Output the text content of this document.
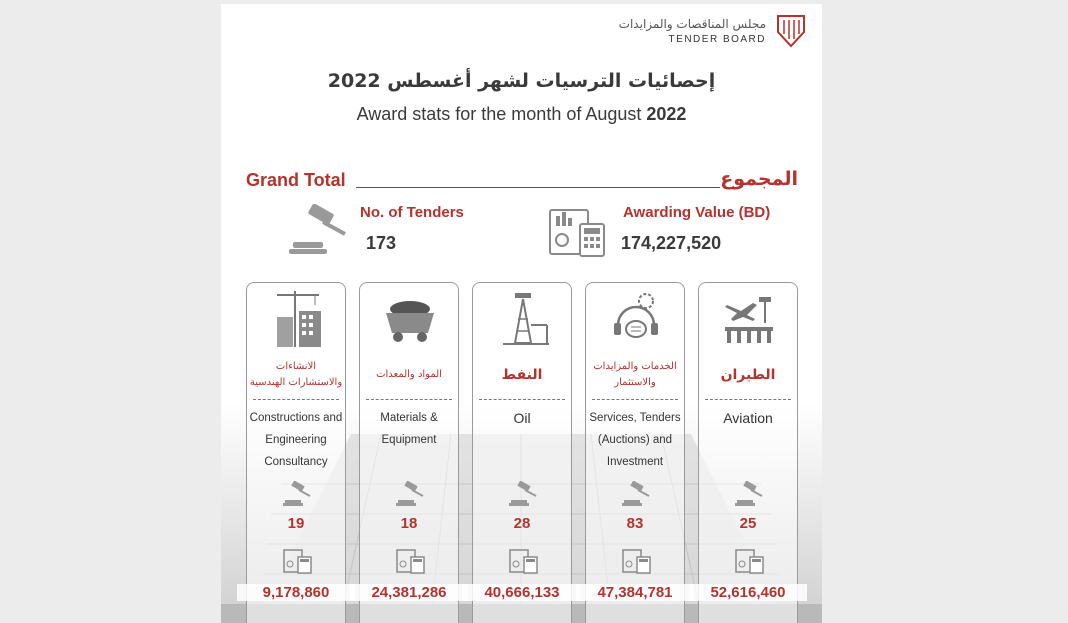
مجلس المناقصات والمزايدات
TENDER BOARD
إحصائيات الترسيات لشهر أغسطس 2022
Award stats for the month of August 2022
Grand Total	المجموع
No. of Tenders
173
Awarding Value (BD)
174,227,520
الانشاءات والاستشارات الهندسية
Constructions and Engineering Consultancy
19
9,178,860
المواد والمعدات
Materials & Equipment
18
24,381,286
النفط
Oil
28
40,666,133
الخدمات والمزايدات والاستثمار
Services, Tenders (Auctions) and Investment
83
47,384,781
الطيران
Aviation
25
52,616,460
